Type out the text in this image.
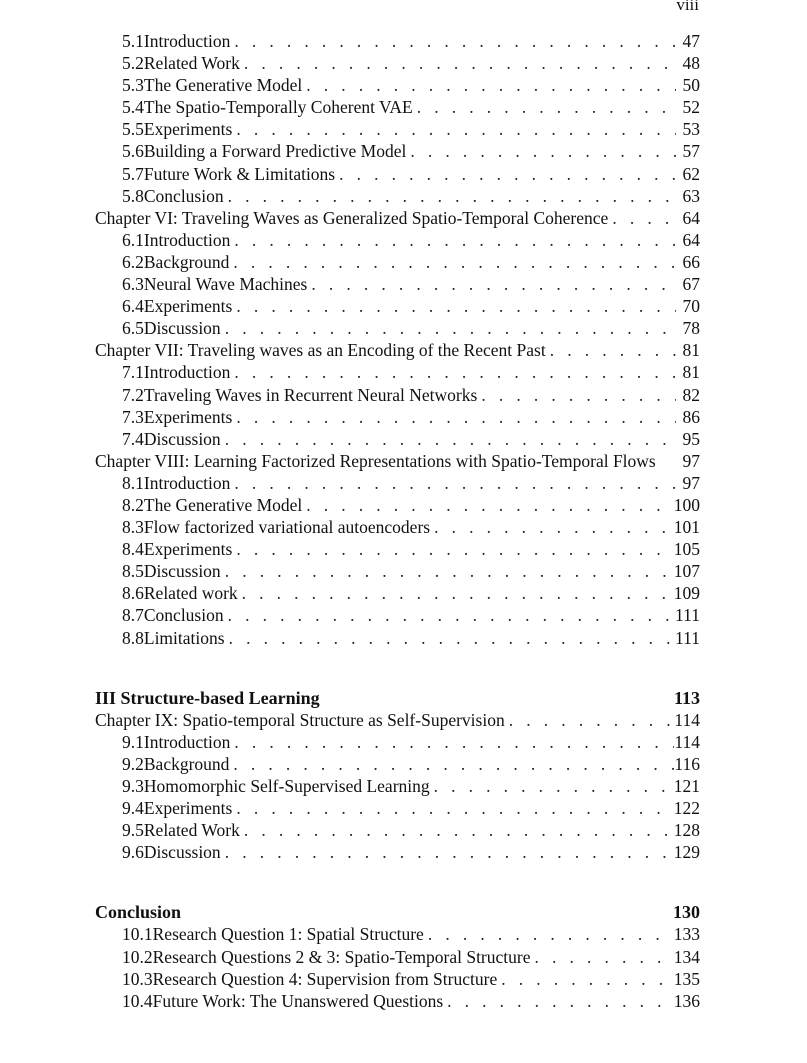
viii
5.1 Introduction . . .	47
5.2 Related Work . . .	48
5.3 The Generative Model . . .	50
5.4 The Spatio-Temporally Coherent VAE . . .	52
5.5 Experiments . . .	53
5.6 Building a Forward Predictive Model . . .	57
5.7 Future Work & Limitations . . .	62
5.8 Conclusion . . .	63
Chapter VI: Traveling Waves as Generalized Spatio-Temporal Coherence . . .	64
6.1 Introduction . . .	64
6.2 Background . . .	66
6.3 Neural Wave Machines . . .	67
6.4 Experiments . . .	70
6.5 Discussion . . .	78
Chapter VII: Traveling waves as an Encoding of the Recent Past . . .	81
7.1 Introduction . . .	81
7.2 Traveling Waves in Recurrent Neural Networks . . .	82
7.3 Experiments . . .	86
7.4 Discussion . . .	95
Chapter VIII: Learning Factorized Representations with Spatio-Temporal Flows	97
8.1 Introduction . . .	97
8.2 The Generative Model . . .	100
8.3 Flow factorized variational autoencoders . . .	101
8.4 Experiments . . .	105
8.5 Discussion . . .	107
8.6 Related work . . .	109
8.7 Conclusion . . .	111
8.8 Limitations . . .	111
III Structure-based Learning	113
Chapter IX: Spatio-temporal Structure as Self-Supervision . . .	114
9.1 Introduction . . .	114
9.2 Background . . .	116
9.3 Homomorphic Self-Supervised Learning . . .	121
9.4 Experiments . . .	122
9.5 Related Work . . .	128
9.6 Discussion . . .	129
Conclusion	130
10.1 Research Question 1: Spatial Structure . . .	133
10.2 Research Questions 2 & 3: Spatio-Temporal Structure . . .	134
10.3 Research Question 4: Supervision from Structure . . .	135
10.4 Future Work: The Unanswered Questions . . .	136
